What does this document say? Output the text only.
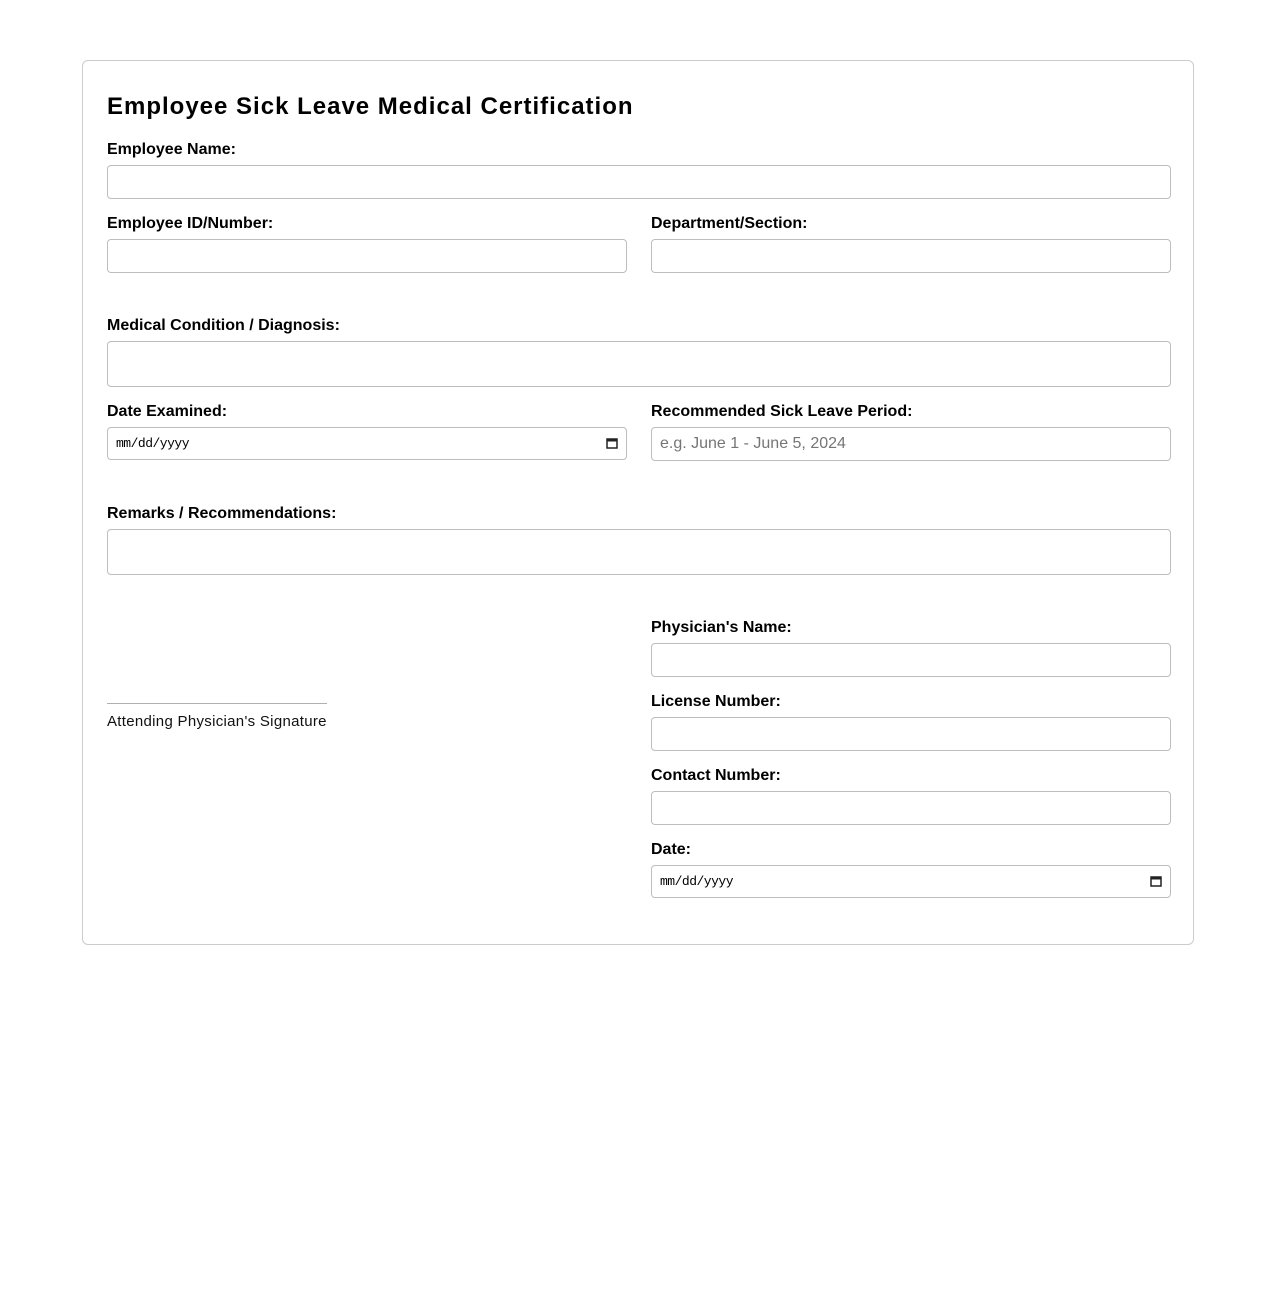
Employee Sick Leave Medical Certification
Employee Name:
Employee ID/Number:	Department/Section:
Medical Condition / Diagnosis:
Date Examined:
mm/dd/yyyy
Recommended Sick Leave Period:
e.g. June 1 - June 5, 2024
Remarks / Recommendations:
Attending Physician's Signature
Physician's Name:
License Number:
Contact Number:
Date:
mm/dd/yyyy
